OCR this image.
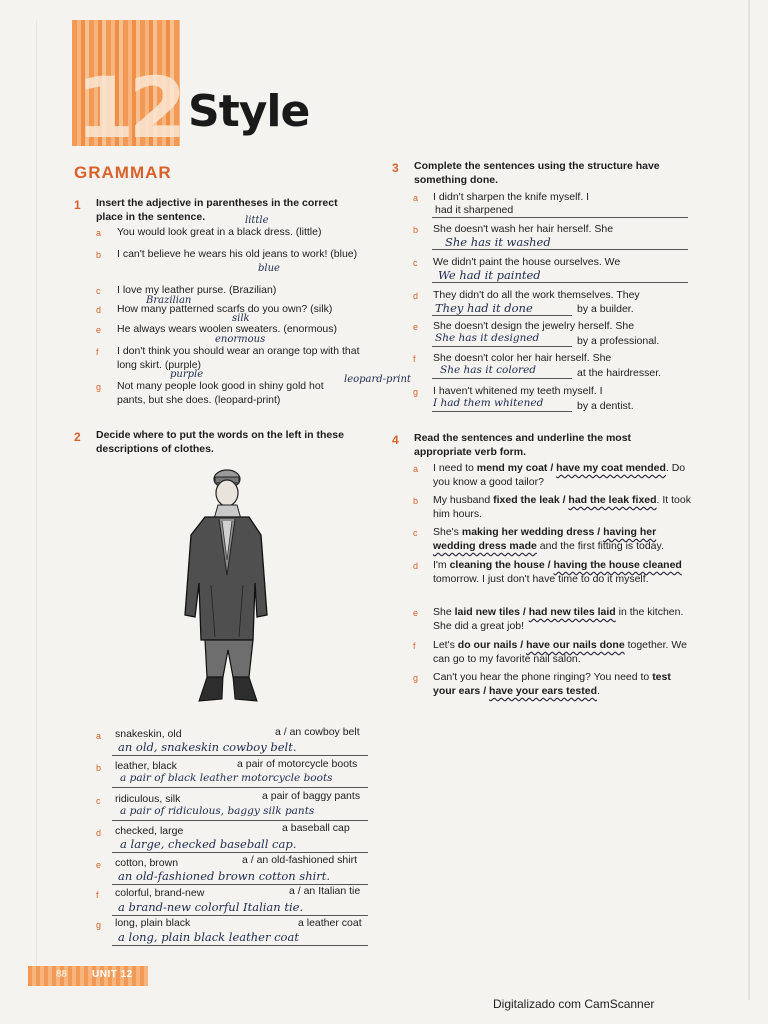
12 Style
GRAMMAR
1 Insert the adjective in parentheses in the correct place in the sentence.
a	You would look great in a black dress. (little)
little
b	I can't believe he wears his old jeans to work! (blue)
blue
c	I love my leather purse. (Brazilian)
Brazilian
d	How many patterned scarfs do you own? (silk)
silk
e	He always wears woolen sweaters. (enormous)
enormous
f	I don't think you should wear an orange top with that long skirt. (purple)
purple
g	Not many people look good in shiny gold hot pants, but she does. (leopard-print)
leopard-print
2 Decide where to put the words on the left in these descriptions of clothes.
a	snakeskin, old	a / an cowboy belt
an old, snakeskin cowboy belt.
b	leather, black	a pair of motorcycle boots
a pair of black leather motorcycle boots
c	ridiculous, silk	a pair of baggy pants
a pair of ridiculous, baggy silk pants
d	checked, large	a baseball cap
a large, checked baseball cap.
e	cotton, brown	a / an old-fashioned shirt
an old-fashioned brown cotton shirt.
f	colorful, brand-new	a / an Italian tie
a brand-new colorful Italian tie.
g	long, plain black	a leather coat
a long, plain black leather coat
3 Complete the sentences using the structure have something done.
a	I didn't sharpen the knife myself. I
had it sharpened
b	She doesn't wash her hair herself. She
She has it washed
c	We didn't paint the house ourselves. We
We had it painted
d	They didn't do all the work themselves. They
They had it done	by a builder.
e	She doesn't design the jewelry herself. She
She has it designed	by a professional.
f	She doesn't color her hair herself. She
She has it colored	at the hairdresser.
g	I haven't whitened my teeth myself. I
I had them whitened	by a dentist.
4 Read the sentences and underline the most appropriate verb form.
a	I need to mend my coat / have my coat mended. Do you know a good tailor?
b	My husband fixed the leak / had the leak fixed. It took him hours.
c	She's making her wedding dress / having her wedding dress made and the first fitting is today.
d	I'm cleaning the house / having the house cleaned tomorrow. I just don't have time to do it myself.
e	She laid new tiles / had new tiles laid in the kitchen. She did a great job!
f	Let's do our nails / have our nails done together. We can go to my favorite nail salon.
g	Can't you hear the phone ringing? You need to test your ears / have your ears tested.
88 UNIT 12
Digitalizado com CamScanner
